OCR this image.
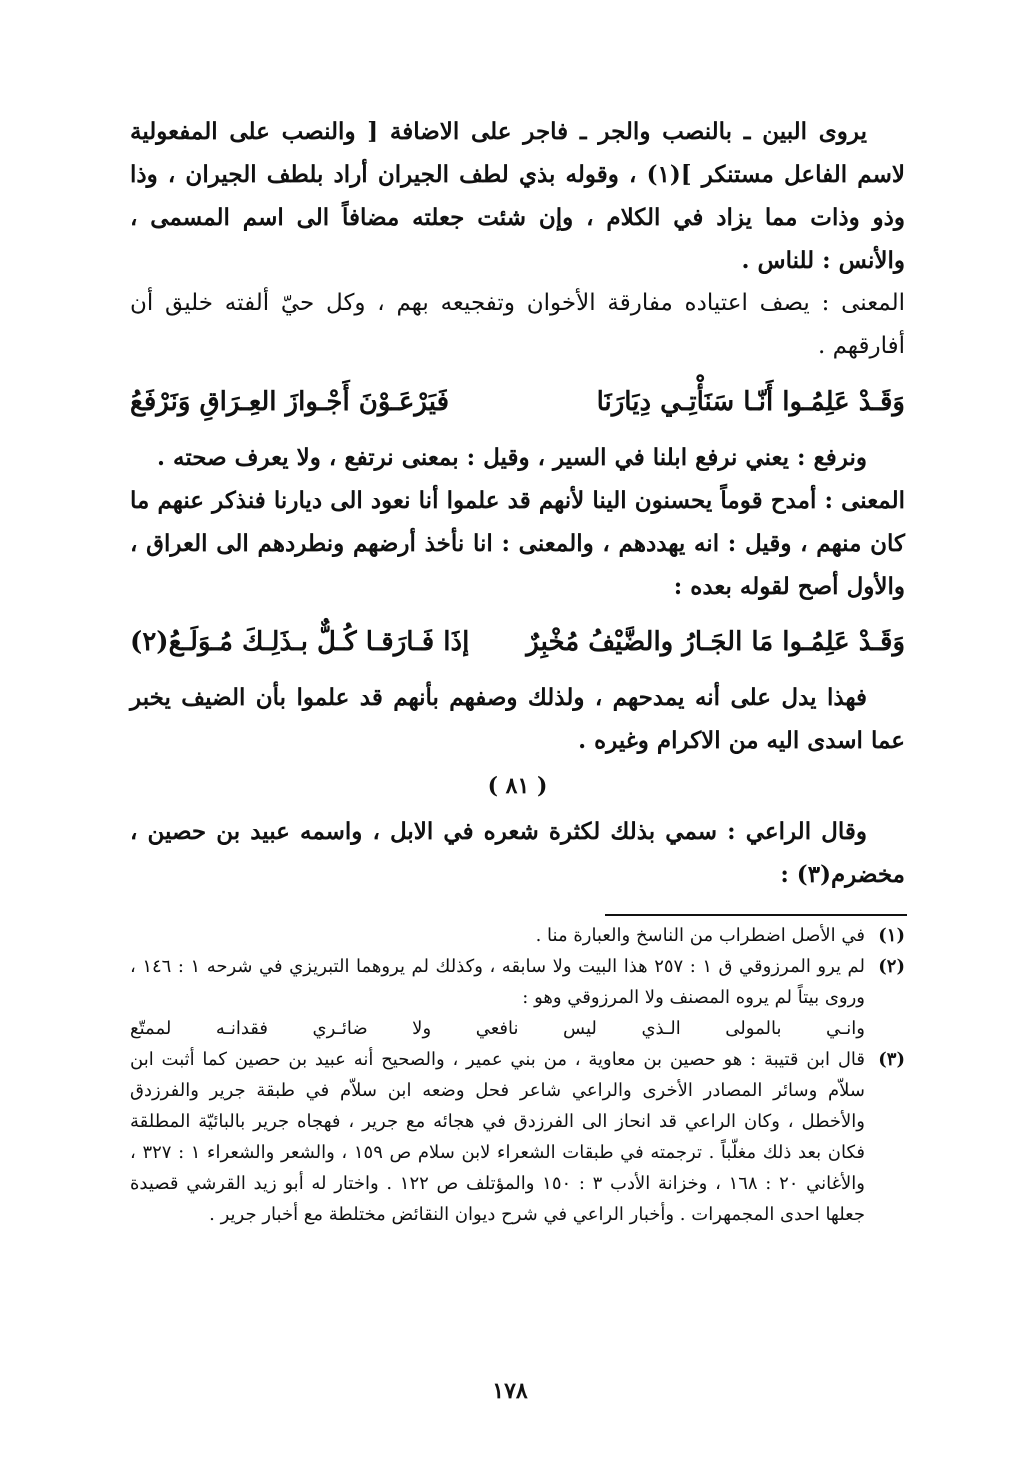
يروى البين ـ بالنصب والجر ـ فاجر على الاضافة [ والنصب على المفعولية لاسم الفاعل مستنكر ](١) ، وقوله بذي لطف الجيران أراد بلطف الجيران ، وذا وذو وذات مما يزاد في الكلام ، وإن شئت جعلته مضافاً الى اسم المسمى ، والأنس : للناس .

المعنى : يصف اعتياده مفارقة الأخوان وتفجيعه بهم ، وكل حيّ ألفته خليق أن أفارقهم .

وَقَـدْ عَلِمُـوا أَنّـا سَنَأْتِـي دِيَارَنَا
فَيَرْعَـوْنَ أَجْـوازَ العِـرَاقِ وَنَرْفَعُ

ونرفع : يعني نرفع ابلنا في السير ، وقيل : بمعنى نرتفع ، ولا يعرف صحته .

المعنى : أمدح قوماً يحسنون الينا لأنهم قد علموا أنا نعود الى ديارنا فنذكر عنهم ما كان منهم ، وقيل : انه يهددهم ، والمعنى : انا نأخذ أرضهم ونطردهم الى العراق ، والأول أصح لقوله بعده :

وَقَـدْ عَلِمُـوا مَا الجَـارُ والضَّيْفُ مُخْبِرٌ
إذَا فَـارَقـا كُـلٌّ بـذَلِـكَ مُـوَلَـعُ(٢)

فهذا يدل على أنه يمدحهم ، ولذلك وصفهم بأنهم قد علموا بأن الضيف يخبر عما اسدى اليه من الاكرام وغيره .

( ٨١ )

وقال الراعي : سمي بذلك لكثرة شعره في الابل ، واسمه عبيد بن حصين ، مخضرم(٣) :

(١)
في الأصل اضطراب من الناسخ والعبارة منا .
(٢)
لم يرو المرزوقي ق ١ : ٢٥٧ هذا البيت ولا سابقه ، وكذلك لم يروهما التبريزي في شرحه ١ : ١٤٦ ، وروى بيتاً لم يروه المصنف ولا المرزوقي وهو :
وانـي
بالمولى
الـذي
ليس
نافعي
ولا
ضائـري
فقدانـه
لممتّع
(٣)
قال ابن قتيبة : هو حصين بن معاوية ، من بني عمير ، والصحيح أنه عبيد بن حصين كما أثبت ابن سلاّم وسائر المصادر الأخرى والراعي شاعر فحل وضعه ابن سلاّم في طبقة جرير والفرزدق والأخطل ، وكان الراعي قد انحاز الى الفرزدق في هجائه مع جرير ، فهجاه جرير بالبائيّة المطلقة فكان بعد ذلك مغلّباً . ترجمته في طبقات الشعراء لابن سلام ص ١٥٩ ، والشعر والشعراء ١ : ٣٢٧ ، والأغاني ٢٠ : ١٦٨ ، وخزانة الأدب ٣ : ١٥٠ والمؤتلف ص ١٢٢ . واختار له أبو زيد القرشي قصيدة جعلها احدى المجمهرات . وأخبار الراعي في شرح ديوان النقائض مختلطة مع أخبار جرير .
١٧٨
